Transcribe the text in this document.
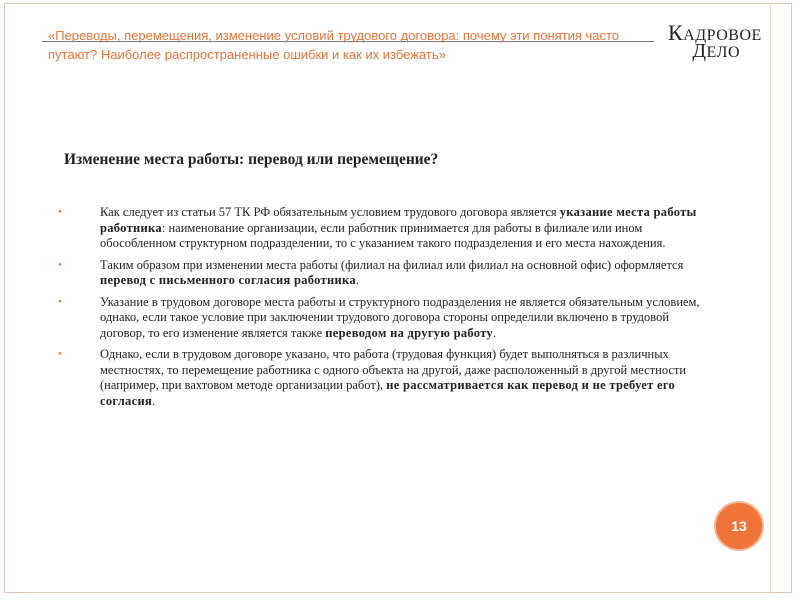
«Переводы, перемещения, изменение условий трудового договора: почему эти понятия часто путают? Наиболее распространенные ошибки и как их избежать»
КАДРОВОЕ
ДЕЛО
Изменение места работы: перевод или перемещение?
•	Как следует из статьи 57 ТК РФ обязательным условием трудового договора является указание места работы работника: наименование организации, если работник принимается для работы в филиале или ином обособленном структурном подразделении, то с указанием такого подразделения и его места нахождения.
•	Таким образом при изменении места работы (филиал на филиал или филиал на основной офис) оформляется перевод с письменного согласия работника.
•	Указание в трудовом договоре места работы и структурного подразделения не является обязательным условием, однако, если такое условие при заключении трудового договора стороны определили включено в трудовой договор, то его изменение является также переводом на другую работу.
•	Однако, если в трудовом договоре указано, что работа (трудовая функция) будет выполняться в различных местностях, то перемещение работника с одного объекта на другой, даже расположенный в другой местности (например, при вахтовом методе организации работ), не рассматривается как перевод и не требует его согласия.
13
